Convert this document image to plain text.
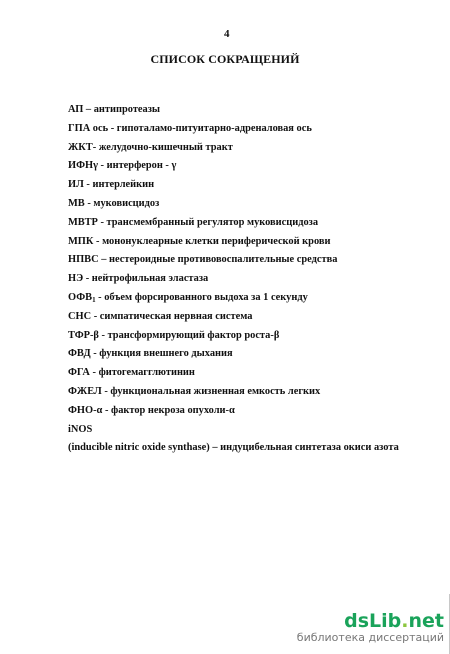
4
СПИСОК СОКРАЩЕНИЙ
АП – антипротеазы
ГПА ось - гипоталамо-питуитарно-адреналовая ось
ЖКТ- желудочно-кишечный тракт
ИФНγ - интерферон - γ
ИЛ - интерлейкин
МВ - муковисцидоз
МВТР - трансмембранный регулятор муковисцидоза
МПК - мононуклеарные клетки периферической крови
НПВС – нестероидные противовоспалительные средства
НЭ - нейтрофильная эластаза
$ОФВ_1$ - объем форсированного выдоха за 1 секунду
СНС - симпатическая нервная система
ТФР-β - трансформирующий фактор роста-β
ФВД - функция внешнего дыхания
ФГА - фитогемагглютинин
ФЖЕЛ - функциональная жизненная емкость легких
ФНО-α - фактор некроза опухоли-α
iNOS
(inducible nitric oxide synthase) – индуцибельная синтетаза окиси азота
dsLib.net
библиотека диссертаций
